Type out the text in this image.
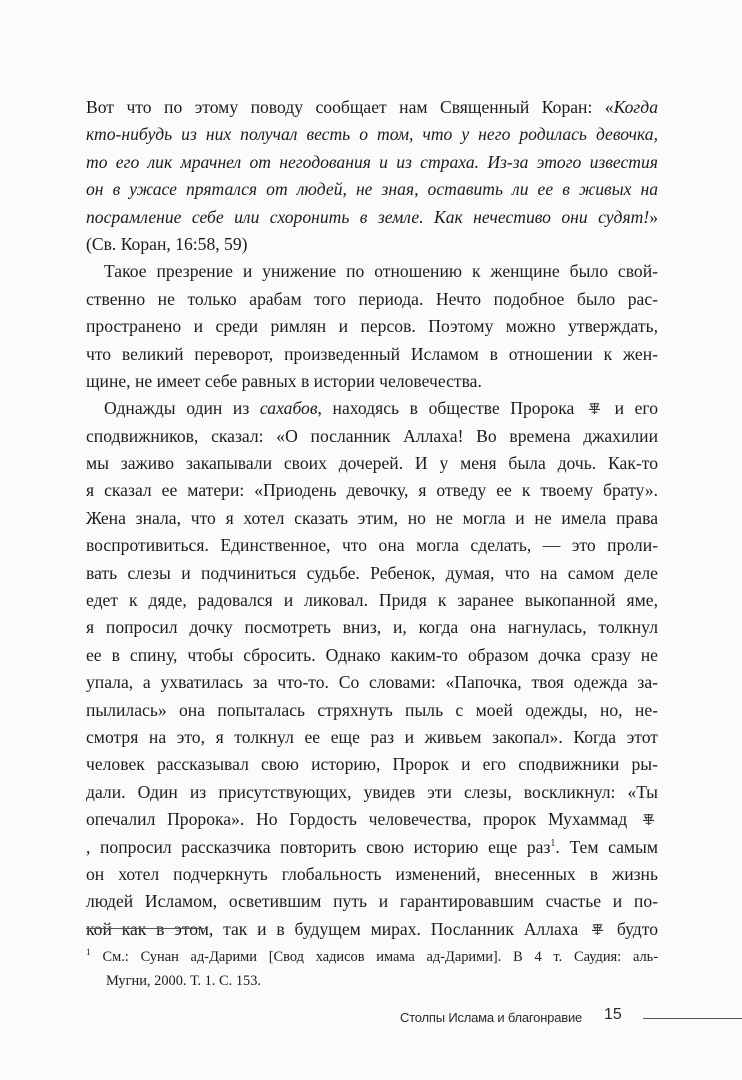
Вот что по этому поводу сообщает нам Священный Коран: «Когда
кто-нибудь из них получал весть о том, что у него родилась девочка,
то его лик мрачнел от негодования и из страха. Из-за этого известия
он в ужасе прятался от людей, не зная, оставить ли ее в живых на
посрамление себе или схоронить в земле. Как нечестиво они судят!»
(Св. Коран, 16:58, 59)
Такое презрение и унижение по отношению к женщине было свой-
ственно не только арабам того периода. Нечто подобное было рас-
пространено и среди римлян и персов. Поэтому можно утверждать,
что великий переворот, произведенный Исламом в отношении к жен-
щине, не имеет себе равных в истории человечества.
Однажды один из сахабов, находясь в обществе Пророка и его
сподвижников, сказал: «О посланник Аллаха! Во времена джахилии
мы заживо закапывали своих дочерей. И у меня была дочь. Как-то
я сказал ее матери: «Приодень девочку, я отведу ее к твоему брату».
Жена знала, что я хотел сказать этим, но не могла и не имела права
воспротивиться. Единственное, что она могла сделать, — это проли-
вать слезы и подчиниться судьбе. Ребенок, думая, что на самом деле
едет к дяде, радовался и ликовал. Придя к заранее выкопанной яме,
я попросил дочку посмотреть вниз, и, когда она нагнулась, толкнул
ее в спину, чтобы сбросить. Однако каким-то образом дочка сразу не
упала, а ухватилась за что-то. Со словами: «Папочка, твоя одежда за-
пылилась» она попыталась стряхнуть пыль с моей одежды, но, не-
смотря на это, я толкнул ее еще раз и живьем закопал». Когда этот
человек рассказывал свою историю, Пророк и его сподвижники ры-
дали. Один из присутствующих, увидев эти слезы, воскликнул: «Ты
опечалил Пророка». Но Гордость человечества, пророк Мухаммад
, попросил рассказчика повторить свою историю еще раз$^1$. Тем самым
он хотел подчеркнуть глобальность изменений, внесенных в жизнь
людей Исламом, осветившим путь и гарантировавшим счастье и по-
кой как в этом, так и в будущем мирах. Посланник Аллаха будто
$^1$ См.: Сунан ад-Дарими [Свод хадисов имама ад-Дарими]. В 4 т. Саудия: аль-
Мугни, 2000. Т. 1. С. 153.
Столпы Ислама и благонравие 15
